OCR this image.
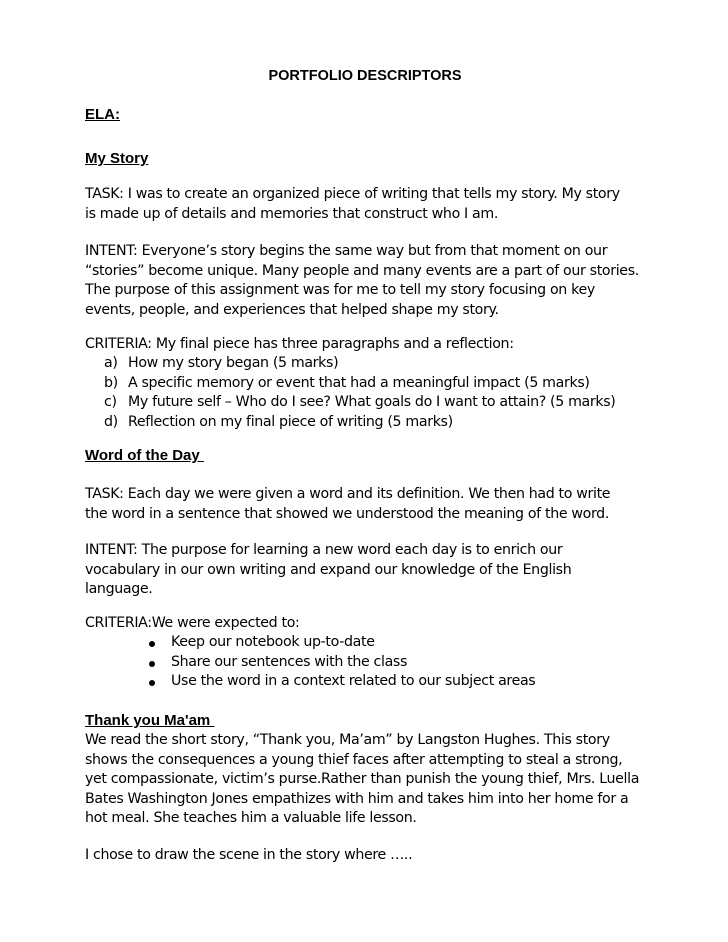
PORTFOLIO DESCRIPTORS
ELA:
My Story
TASK: I was to create an organized piece of writing that tells my story. My story
is made up of details and memories that construct who I am.
INTENT: Everyone’s story begins the same way but from that moment on our
“stories” become unique. Many people and many events are a part of our stories.
The purpose of this assignment was for me to tell my story focusing on key
events, people, and experiences that helped shape my story.
CRITERIA: My final piece has three paragraphs and a reflection:
a) How my story began (5 marks)
b) A specific memory or event that had a meaningful impact (5 marks)
c) My future self – Who do I see? What goals do I want to attain? (5 marks)
d) Reflection on my final piece of writing (5 marks)
Word of the Day
TASK: Each day we were given a word and its definition. We then had to write
the word in a sentence that showed we understood the meaning of the word.
INTENT: The purpose for learning a new word each day is to enrich our
vocabulary in our own writing and expand our knowledge of the English
language.
CRITERIA:We were expected to:
Keep our notebook up-to-date
Share our sentences with the class
Use the word in a context related to our subject areas
Thank you Ma'am
We read the short story, “Thank you, Ma’am” by Langston Hughes. This story
shows the consequences a young thief faces after attempting to steal a strong,
yet compassionate, victim’s purse.Rather than punish the young thief, Mrs. Luella
Bates Washington Jones empathizes with him and takes him into her home for a
hot meal. She teaches him a valuable life lesson.
I chose to draw the scene in the story where …..
